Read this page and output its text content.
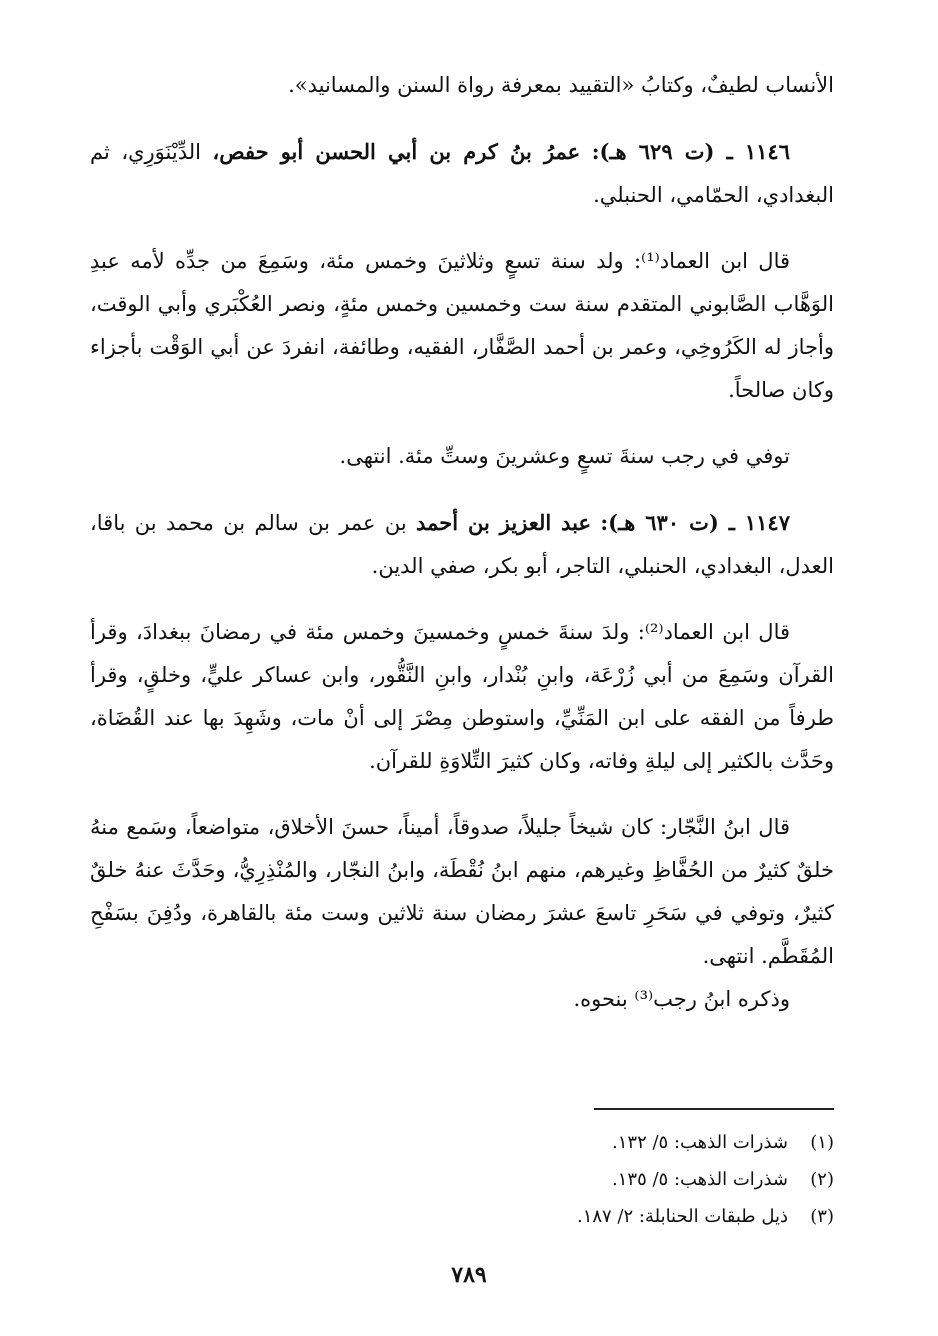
الأنساب لطيفٌ، وكتابُ «التقييد بمعرفة رواة السنن والمسانيد».

١١٤٦ ـ (ت ٦٢٩ هـ): عمرُ بنُ كرم بن أبي الحسن أبو حفص، الدِّيْنَوَرِي، ثم البغدادي، الحمّامي، الحنبلي.

قال ابن العماد⁽¹⁾: ولد سنة تسعٍ وثلاثينَ وخمس مئة، وسَمِعَ من جدِّه لأمه عبدِ الوَهَّاب الصَّابوني المتقدم سنة ست وخمسين وخمس مئةٍ، ونصر العُكْبَري وأبي الوقت، وأجاز له الكَرُوخِي، وعمر بن أحمد الصَّفَّار، الفقيه، وطائفة، انفردَ عن أبي الوَقْت بأجزاء وكان صالحاً.

توفي في رجب سنةَ تسعٍ وعشرينَ وستِّ مئة. انتهى.

١١٤٧ ـ (ت ٦٣٠ هـ): عبد العزيز بن أحمد بن عمر بن سالم بن محمد بن باقا، العدل، البغدادي، الحنبلي، التاجر، أبو بكر، صفي الدين.

قال ابن العماد⁽²⁾: ولدَ سنةَ خمسٍ وخمسينَ وخمس مئة في رمضانَ ببغدادَ، وقرأ القرآن وسَمِعَ من أبي زُرْعَة، وابنِ بُنْدار، وابنِ النَّقُّور، وابن عساكر عليٍّ، وخلقٍ، وقرأ طرفاً من الفقه على ابن المَنِّيِّ، واستوطن مِصْرَ إلى أنْ مات، وشَهِدَ بها عند القُضَاة، وحَدَّث بالكثير إلى ليلةِ وفاته، وكان كثيرَ التِّلاوَةِ للقرآن.

قال ابنُ النَّجّار: كان شيخاً جليلاً، صدوقاً، أميناً، حسنَ الأخلاق، متواضعاً، وسَمع منهُ خلقٌ كثيرٌ من الحُفَّاظِ وغيرهم، منهم ابنُ نُقْطَة، وابنُ النجّار، والمُنْذِرِيُّ، وحَدَّثَ عنهُ خلقٌ كثيرٌ، وتوفي في سَحَرِ تاسعَ عشرَ رمضان سنة ثلاثين وست مئة بالقاهرة، ودُفِنَ بسَفْحِ المُقَطَّم. انتهى.

وذكره ابنُ رجب⁽³⁾ بنحوه.

(١)شذرات الذهب: ٥/ ١٣٢.

(٢)شذرات الذهب: ٥/ ١٣٥.

(٣)ذيل طبقات الحنابلة: ٢/ ١٨٧.

٧٨٩
